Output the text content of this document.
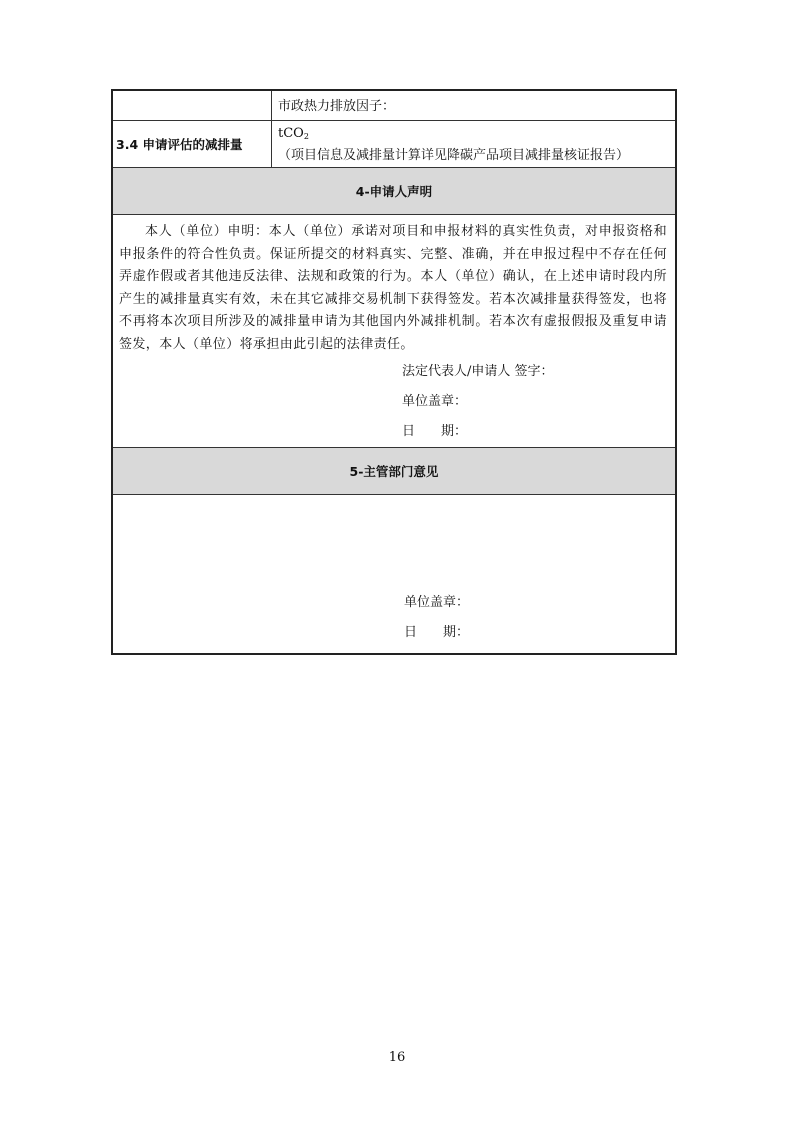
市政热力排放因子：
3.4 申请评估的减排量
tCO$_2$
（项目信息及减排量计算详见降碳产品项目减排量核证报告）
4-申请人声明
本人（单位）申明：本人（单位）承诺对项目和申报材料的真实性负责，对申报资格和申报条件的符合性负责。保证所提交的材料真实、完整、准确，并在申报过程中不存在任何弄虚作假或者其他违反法律、法规和政策的行为。本人（单位）确认，在上述申请时段内所产生的减排量真实有效，未在其它减排交易机制下获得签发。若本次减排量获得签发，也将不再将本次项目所涉及的减排量申请为其他国内外减排机制。若本次有虚报假报及重复申请签发，本人（单位）将承担由此引起的法律责任。
法定代表人/申请人 签字：
单位盖章：
日　　期：
5-主管部门意见
单位盖章：
日　　期：
16
